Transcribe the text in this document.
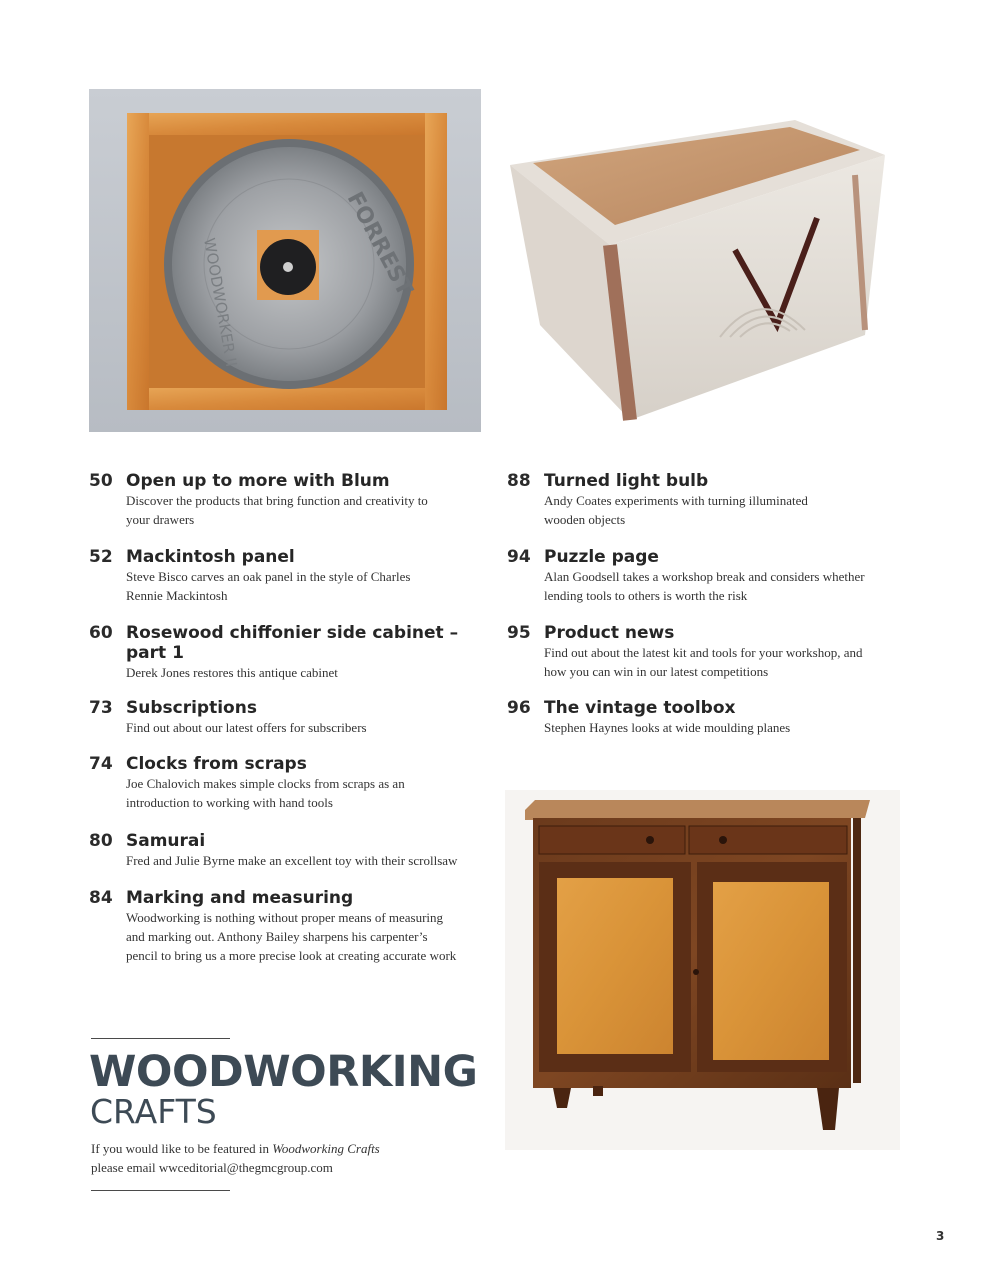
FORREST
WOODWORKER II
50 Open up to more with Blum
Discover the products that bring function and creativity to
your drawers
52 Mackintosh panel
Steve Bisco carves an oak panel in the style of Charles
Rennie Mackintosh
60 Rosewood chiffonier side cabinet –
part 1
Derek Jones restores this antique cabinet
73 Subscriptions
Find out about our latest offers for subscribers
74 Clocks from scraps
Joe Chalovich makes simple clocks from scraps as an
introduction to working with hand tools
80 Samurai
Fred and Julie Byrne make an excellent toy with their scrollsaw
84 Marking and measuring
Woodworking is nothing without proper means of measuring
and marking out. Anthony Bailey sharpens his carpenter’s
pencil to bring us a more precise look at creating accurate work
88 Turned light bulb
Andy Coates experiments with turning illuminated
wooden objects
94 Puzzle page
Alan Goodsell takes a workshop break and considers whether
lending tools to others is worth the risk
95 Product news
Find out about the latest kit and tools for your workshop, and
how you can win in our latest competitions
96 The vintage toolbox
Stephen Haynes looks at wide moulding planes
WOODWORKING
CRAFTS
If you would like to be featured in Woodworking Crafts
please email wwceditorial@thegmcgroup.com
3
